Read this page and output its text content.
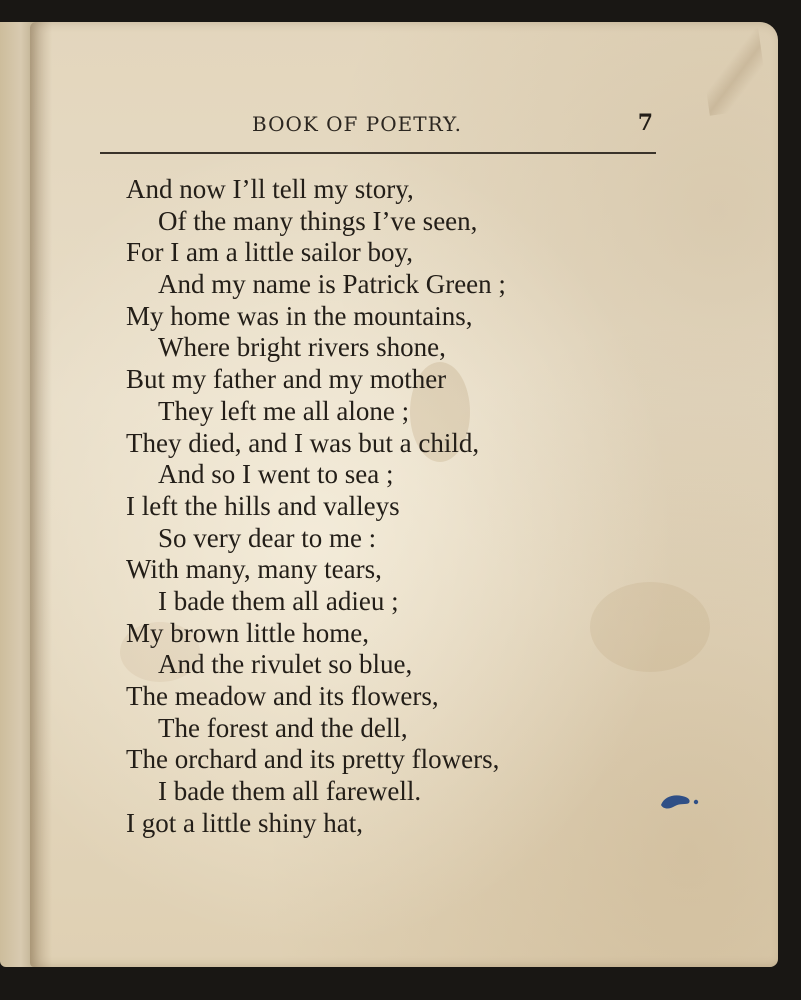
BOOK OF POETRY.	7
And now I’ll tell my story,
Of the many things I’ve seen,
For I am a little sailor boy,
And my name is Patrick Green ;
My home was in the mountains,
Where bright rivers shone,
But my father and my mother
They left me all alone ;
They died, and I was but a child,
And so I went to sea ;
I left the hills and valleys
So very dear to me :
With many, many tears,
I bade them all adieu ;
My brown little home,
And the rivulet so blue,
The meadow and its flowers,
The forest and the dell,
The orchard and its pretty flowers,
I bade them all farewell.
I got a little shiny hat,
